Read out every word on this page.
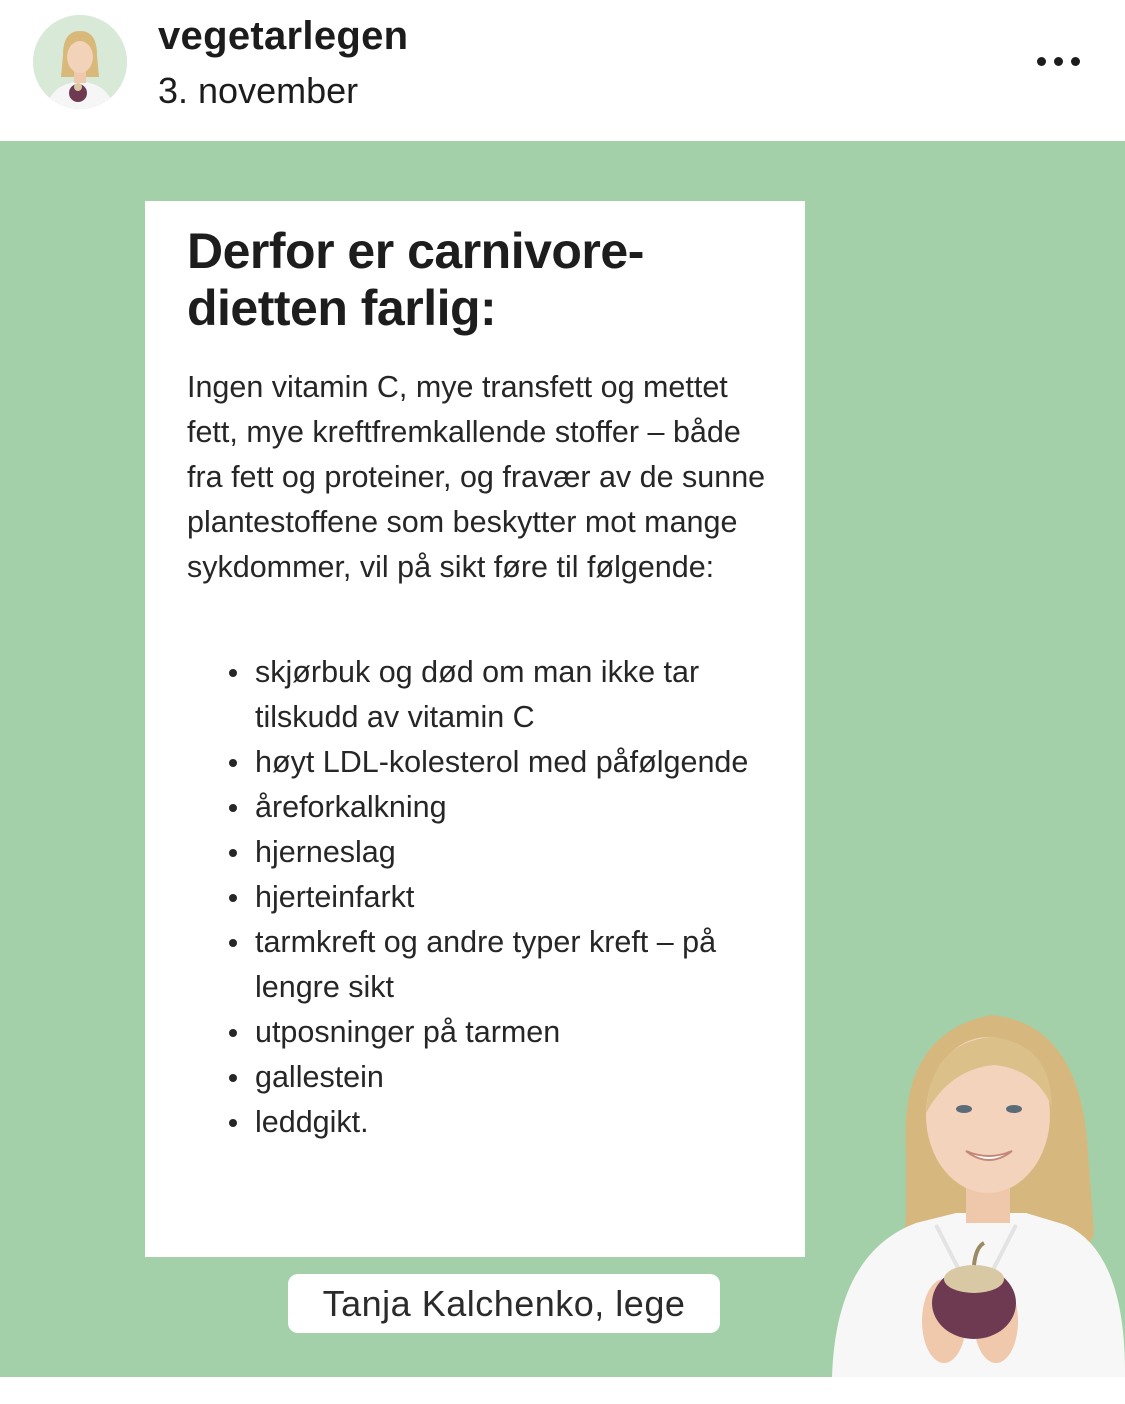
vegetarlegen
3. november
Derfor er carnivore-dietten farlig:

Ingen vitamin C, mye transfett og mettet fett, mye kreftfremkallende stoffer – både fra fett og proteiner, og fravær av de sunne plantestoffene som beskytter mot mange sykdommer, vil på sikt føre til følgende:

skjørbuk og død om man ikke tar tilskudd av vitamin C
høyt LDL-kolesterol med påfølgende
åreforkalkning
hjerneslag
hjerteinfarkt
tarmkreft og andre typer kreft – på lengre sikt
utposninger på tarmen
gallestein
leddgikt.
Tanja Kalchenko, lege
